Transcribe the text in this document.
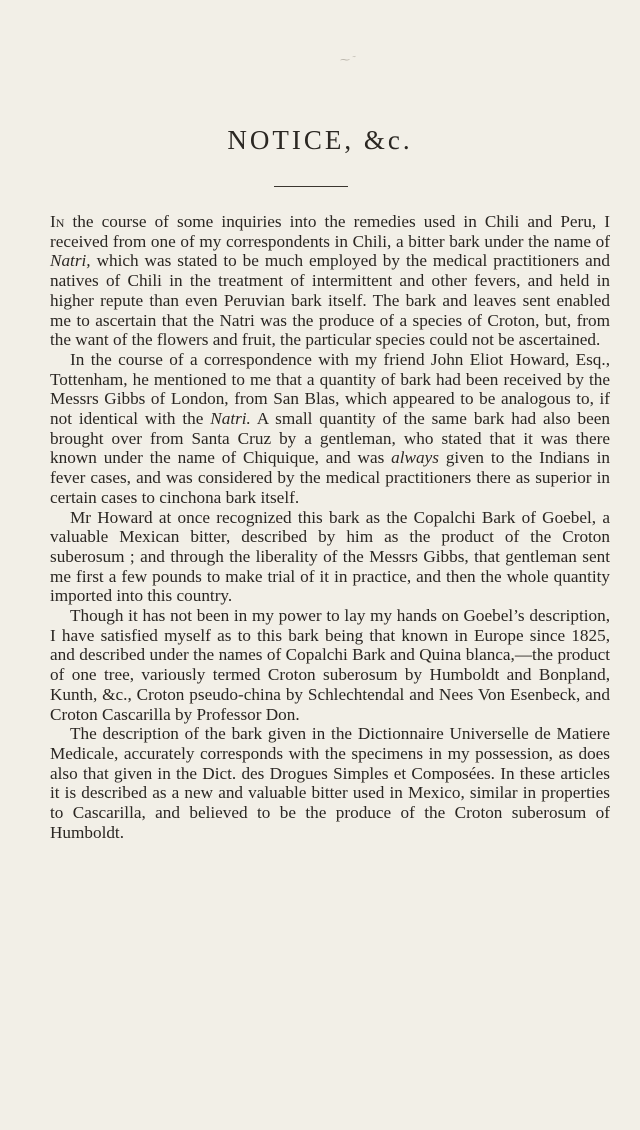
⁓ ˜
NOTICE, &c.

In the course of some inquiries into the remedies used in Chili and Peru, I received from one of my correspondents in Chili, a bitter bark under the name of Natri, which was stated to be much employed by the medical practitioners and natives of Chili in the treatment of intermittent and other fevers, and held in higher repute than even Peruvian bark itself. The bark and leaves sent enabled me to ascertain that the Natri was the produce of a species of Croton, but, from the want of the flowers and fruit, the particular species could not be ascertained.

In the course of a correspondence with my friend John Eliot Howard, Esq., Tottenham, he mentioned to me that a quantity of bark had been received by the Messrs Gibbs of London, from San Blas, which appeared to be analogous to, if not identical with the Natri. A small quantity of the same bark had also been brought over from Santa Cruz by a gentleman, who stated that it was there known under the name of Chiquique, and was always given to the Indians in fever cases, and was considered by the medical practitioners there as superior in certain cases to cinchona bark itself.

Mr Howard at once recognized this bark as the Copalchi Bark of Goebel, a valuable Mexican bitter, described by him as the product of the Croton suberosum ; and through the liberality of the Messrs Gibbs, that gentleman sent me first a few pounds to make trial of it in practice, and then the whole quantity imported into this country.

Though it has not been in my power to lay my hands on Goebel’s description, I have satisfied myself as to this bark being that known in Europe since 1825, and described under the names of Copalchi Bark and Quina blanca,—the product of one tree, variously termed Croton suberosum by Humboldt and Bonpland, Kunth, &c., Croton pseudo-china by Schlechtendal and Nees Von Esenbeck, and Croton Cascarilla by Professor Don.

The description of the bark given in the Dictionnaire Universelle de Matiere Medicale, accurately corresponds with the specimens in my possession, as does also that given in the Dict. des Drogues Simples et Composées. In these articles it is described as a new and valuable bitter used in Mexico, similar in properties to Cascarilla, and believed to be the produce of the Croton suberosum of Humboldt.
